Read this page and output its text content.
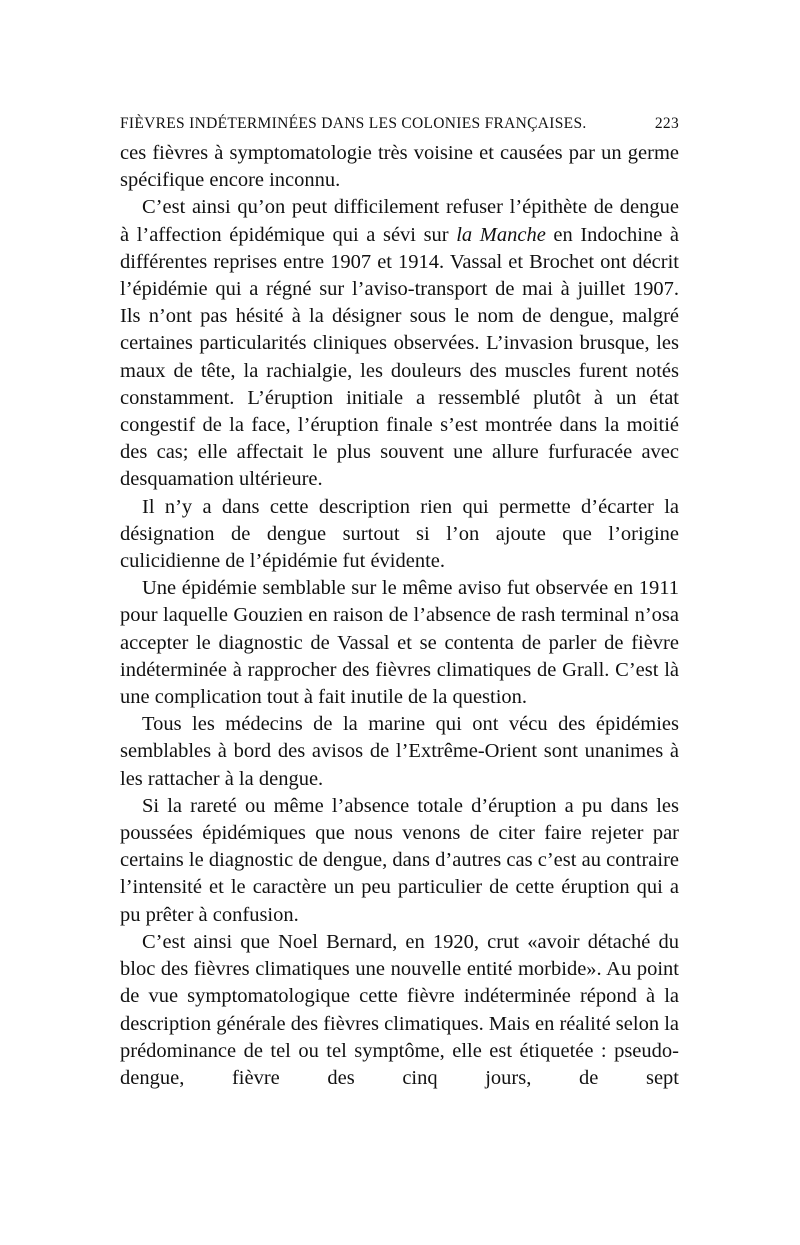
FIÈVRES INDÉTERMINÉES DANS LES COLONIES FRANÇAISES.	223

ces fièvres à symptomatologie très voisine et causées par un germe spécifique encore inconnu.

C’est ainsi qu’on peut difficilement refuser l’épithète de dengue à l’affection épidémique qui a sévi sur la Manche en Indochine à différentes reprises entre 1907 et 1914. Vassal et Brochet ont décrit l’épidémie qui a régné sur l’aviso-transport de mai à juillet 1907. Ils n’ont pas hésité à la désigner sous le nom de dengue, malgré certaines particularités cliniques observées. L’invasion brusque, les maux de tête, la rachialgie, les douleurs des muscles furent notés constamment. L’éruption initiale a ressemblé plutôt à un état congestif de la face, l’éruption finale s’est montrée dans la moitié des cas; elle affectait le plus souvent une allure furfuracée avec desquamation ultérieure.

Il n’y a dans cette description rien qui permette d’écarter la désignation de dengue surtout si l’on ajoute que l’origine culicidienne de l’épidémie fut évidente.

Une épidémie semblable sur le même aviso fut observée en 1911 pour laquelle Gouzien en raison de l’absence de rash terminal n’osa accepter le diagnostic de Vassal et se contenta de parler de fièvre indéterminée à rapprocher des fièvres climatiques de Grall. C’est là une complication tout à fait inutile de la question.

Tous les médecins de la marine qui ont vécu des épidémies semblables à bord des avisos de l’Extrême-Orient sont unanimes à les rattacher à la dengue.

Si la rareté ou même l’absence totale d’éruption a pu dans les poussées épidémiques que nous venons de citer faire rejeter par certains le diagnostic de dengue, dans d’autres cas c’est au contraire l’intensité et le caractère un peu particulier de cette éruption qui a pu prêter à confusion.

C’est ainsi que Noel Bernard, en 1920, crut «avoir détaché du bloc des fièvres climatiques une nouvelle entité morbide». Au point de vue symptomatologique cette fièvre indéterminée répond à la description générale des fièvres climatiques. Mais en réalité selon la prédominance de tel ou tel symptôme, elle est étiquetée : pseudo-dengue, fièvre des cinq jours, de sept
